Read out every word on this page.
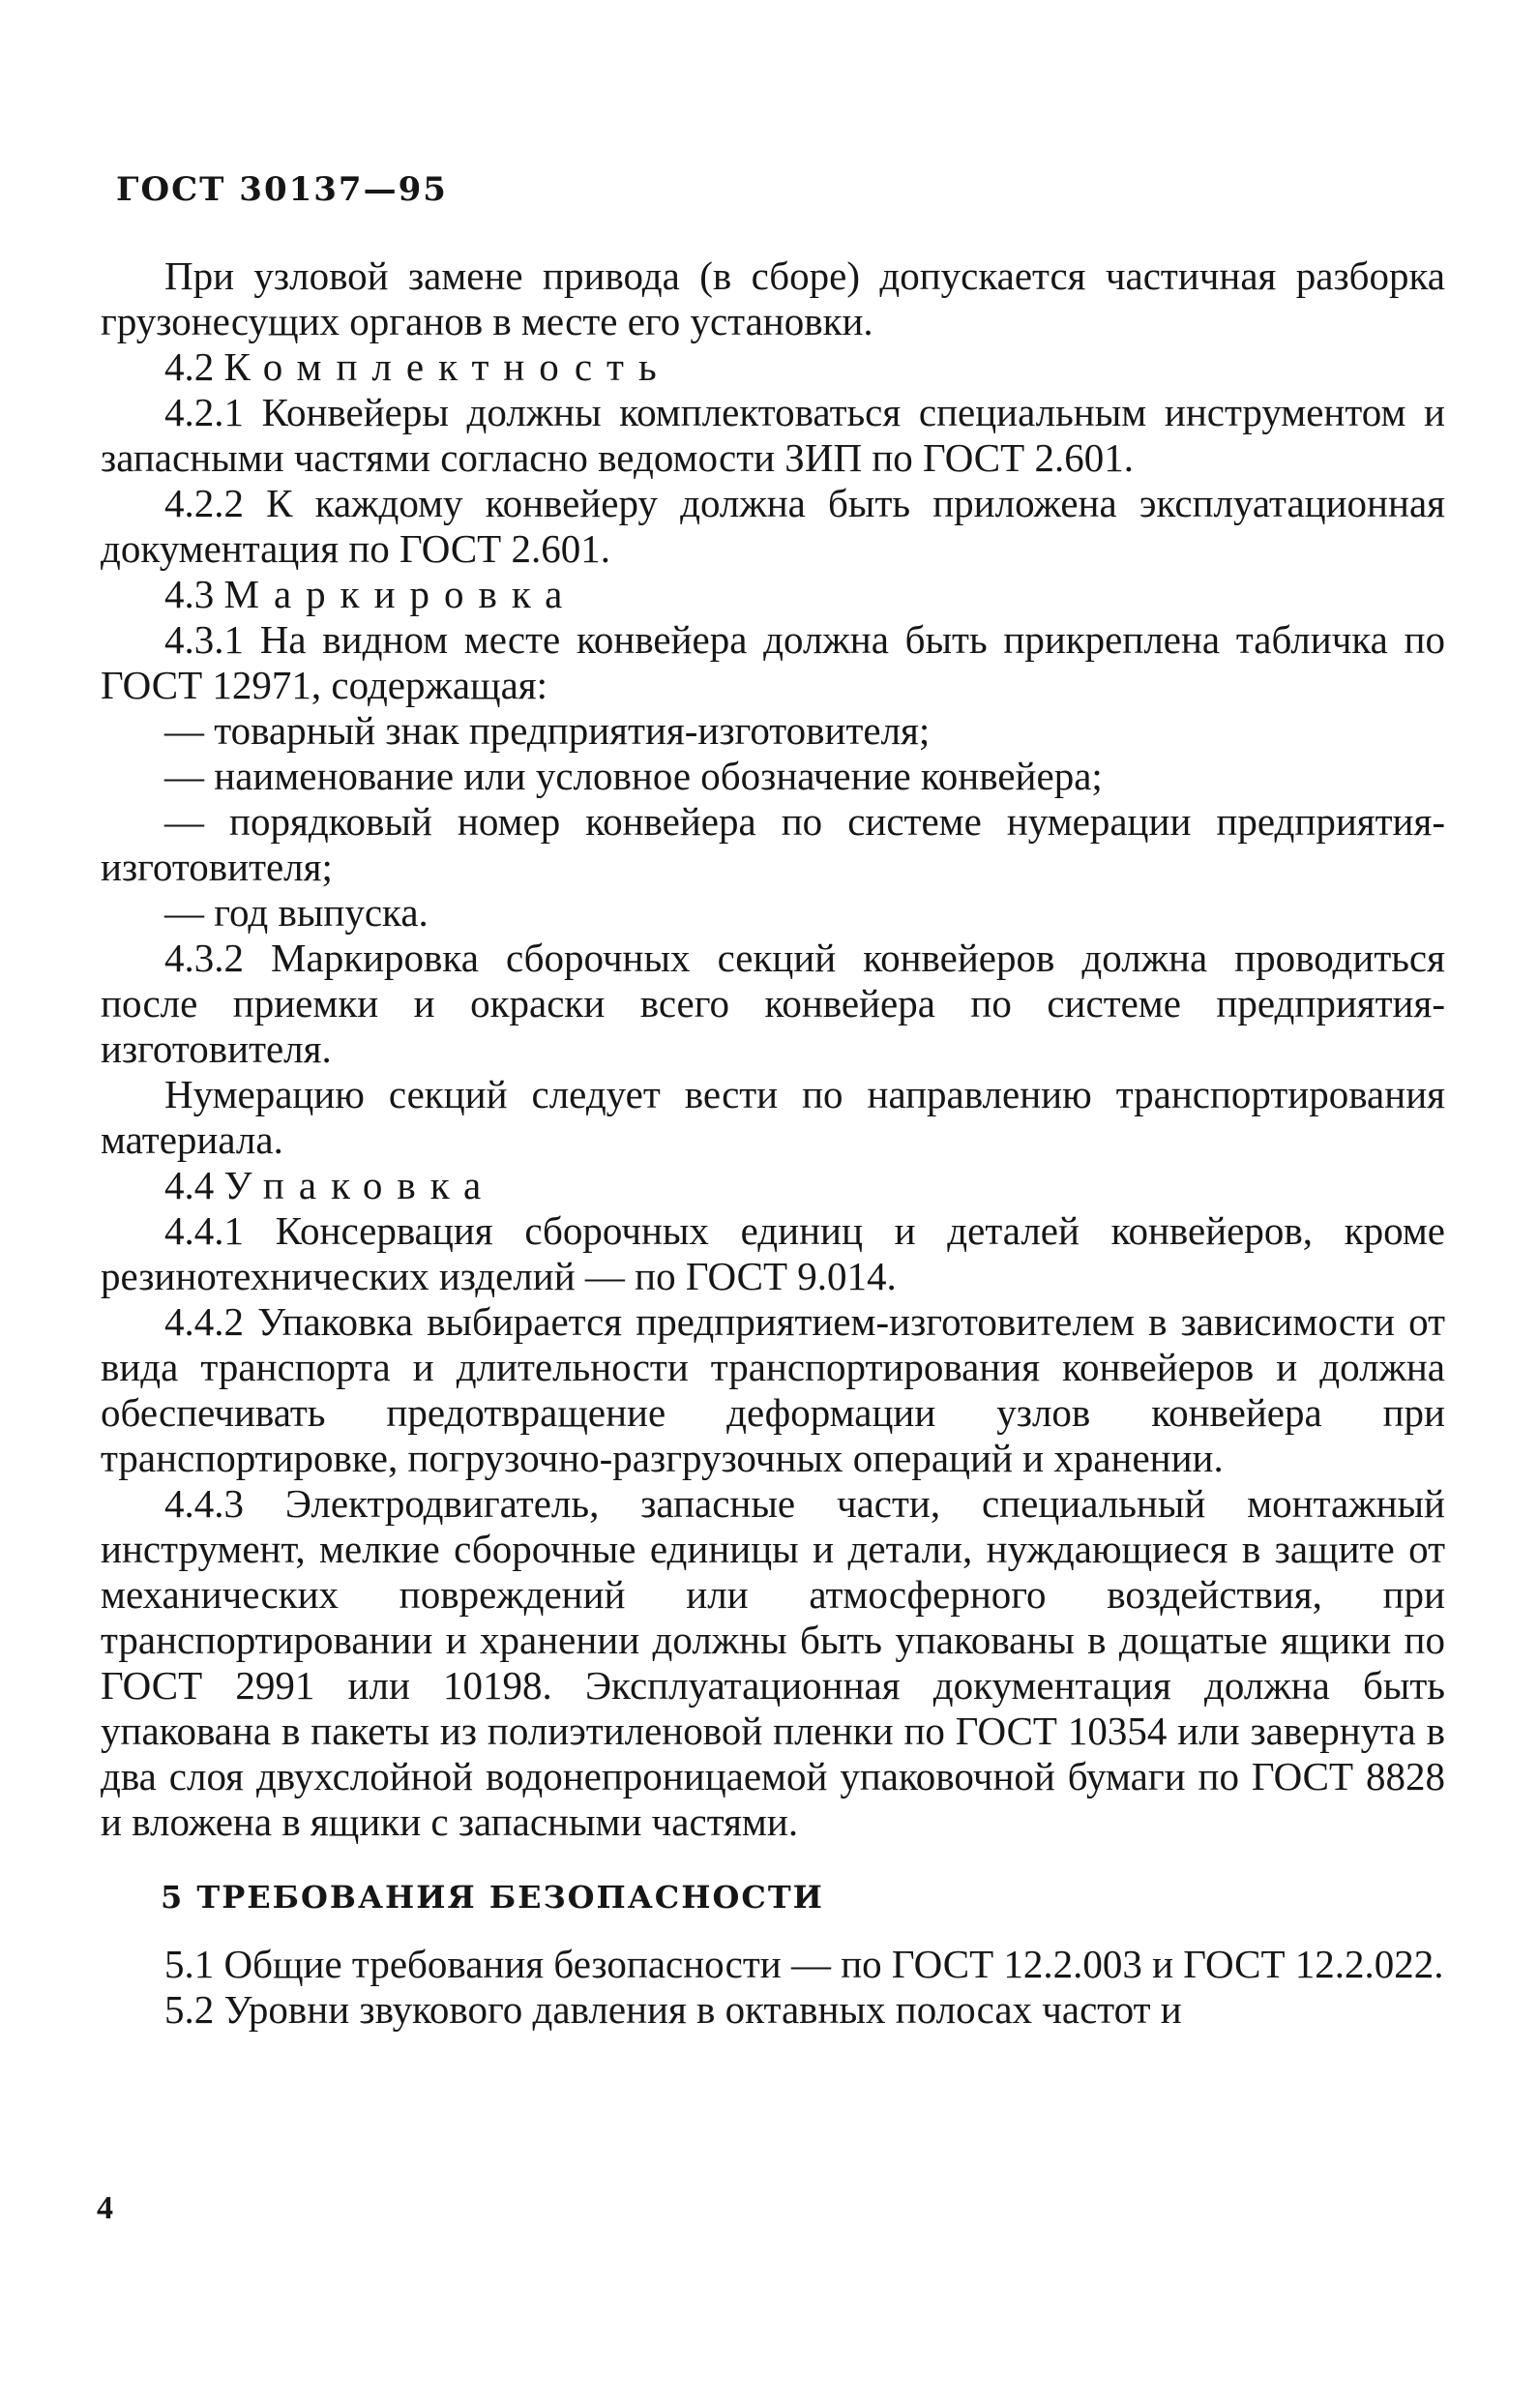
ГОСТ 30137—95

При узловой замене привода (в сборе) допускается частичная разборка грузонесущих органов в месте его установки.

4.2 Комплектность

4.2.1 Конвейеры должны комплектоваться специальным инструментом и запасными частями согласно ведомости ЗИП по ГОСТ 2.601.

4.2.2 К каждому конвейеру должна быть приложена эксплуатационная документация по ГОСТ 2.601.

4.3 Маркировка

4.3.1 На видном месте конвейера должна быть прикреплена табличка по ГОСТ 12971, содержащая:

— товарный знак предприятия-изготовителя;

— наименование или условное обозначение конвейера;

— порядковый номер конвейера по системе нумерации предприятия-изготовителя;

— год выпуска.

4.3.2 Маркировка сборочных секций конвейеров должна проводиться после приемки и окраски всего конвейера по системе предприятия-изготовителя.

Нумерацию секций следует вести по направлению транспортирования материала.

4.4 Упаковка

4.4.1 Консервация сборочных единиц и деталей конвейеров, кроме резинотехнических изделий — по ГОСТ 9.014.

4.4.2 Упаковка выбирается предприятием-изготовителем в зависимости от вида транспорта и длительности транспортирования конвейеров и должна обеспечивать предотвращение деформации узлов конвейера при транспортировке, погрузочно-разгрузочных операций и хранении.

4.4.3 Электродвигатель, запасные части, специальный монтажный инструмент, мелкие сборочные единицы и детали, нуждающиеся в защите от механических повреждений или атмосферного воздействия, при транспортировании и хранении должны быть упакованы в дощатые ящики по ГОСТ 2991 или 10198. Эксплуатационная документация должна быть упакована в пакеты из полиэтиленовой пленки по ГОСТ 10354 или завернута в два слоя двухслойной водонепроницаемой упаковочной бумаги по ГОСТ 8828 и вложена в ящики с запасными частями.

5 ТРЕБОВАНИЯ БЕЗОПАСНОСТИ

5.1 Общие требования безопасности — по ГОСТ 12.2.003 и ГОСТ 12.2.022.

5.2 Уровни звукового давления в октавных полосах частот и

4
